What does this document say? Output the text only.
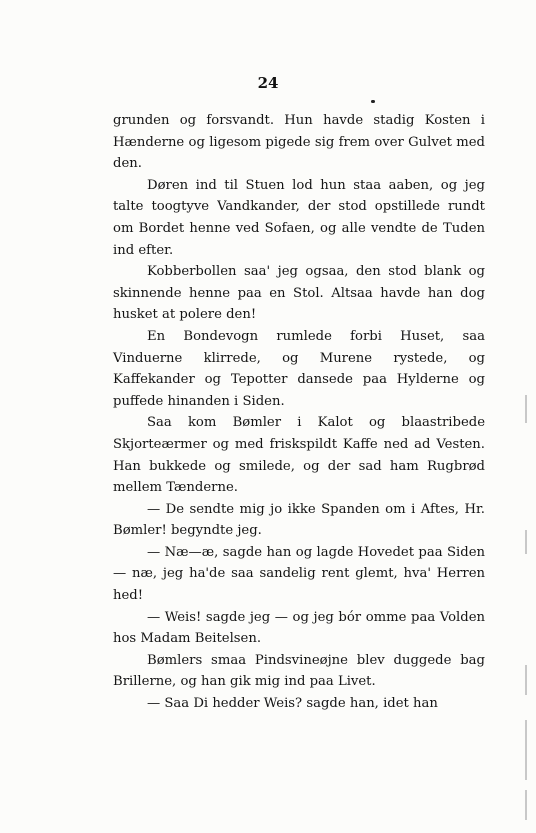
24

grunden og forsvandt. Hun havde stadig Kosten i Hænderne og ligesom pigede sig frem over Gulvet med den.

Døren ind til Stuen lod hun staa aaben, og jeg talte toogtyve Vandkander, der stod opstillede rundt om Bordet henne ved Sofaen, og alle vendte de Tuden ind efter.

Kobberbollen saa' jeg ogsaa, den stod blank og skinnende henne paa en Stol. Altsaa havde han dog husket at polere den!

En Bondevogn rumlede forbi Huset, saa Vinduerne klirrede, og Murene rystede, og Kaffekander og Tepotter dansede paa Hylderne og puffede hinanden i Siden.

Saa kom Bømler i Kalot og blaastribede Skjorteærmer og med friskspildt Kaffe ned ad Vesten. Han bukkede og smilede, og der sad ham Rugbrød mellem Tænderne.

— De sendte mig jo ikke Spanden om i Aftes, Hr. Bømler! begyndte jeg.

— Næ—æ, sagde han og lagde Hovedet paa Siden — næ, jeg ha'de saa sandelig rent glemt, hva' Herren hed!

— Weis! sagde jeg — og jeg bór omme paa Volden hos Madam Beitelsen.

Bømlers smaa Pindsvineøjne blev duggede bag Brillerne, og han gik mig ind paa Livet.

— Saa Di hedder Weis? sagde han, idet han
